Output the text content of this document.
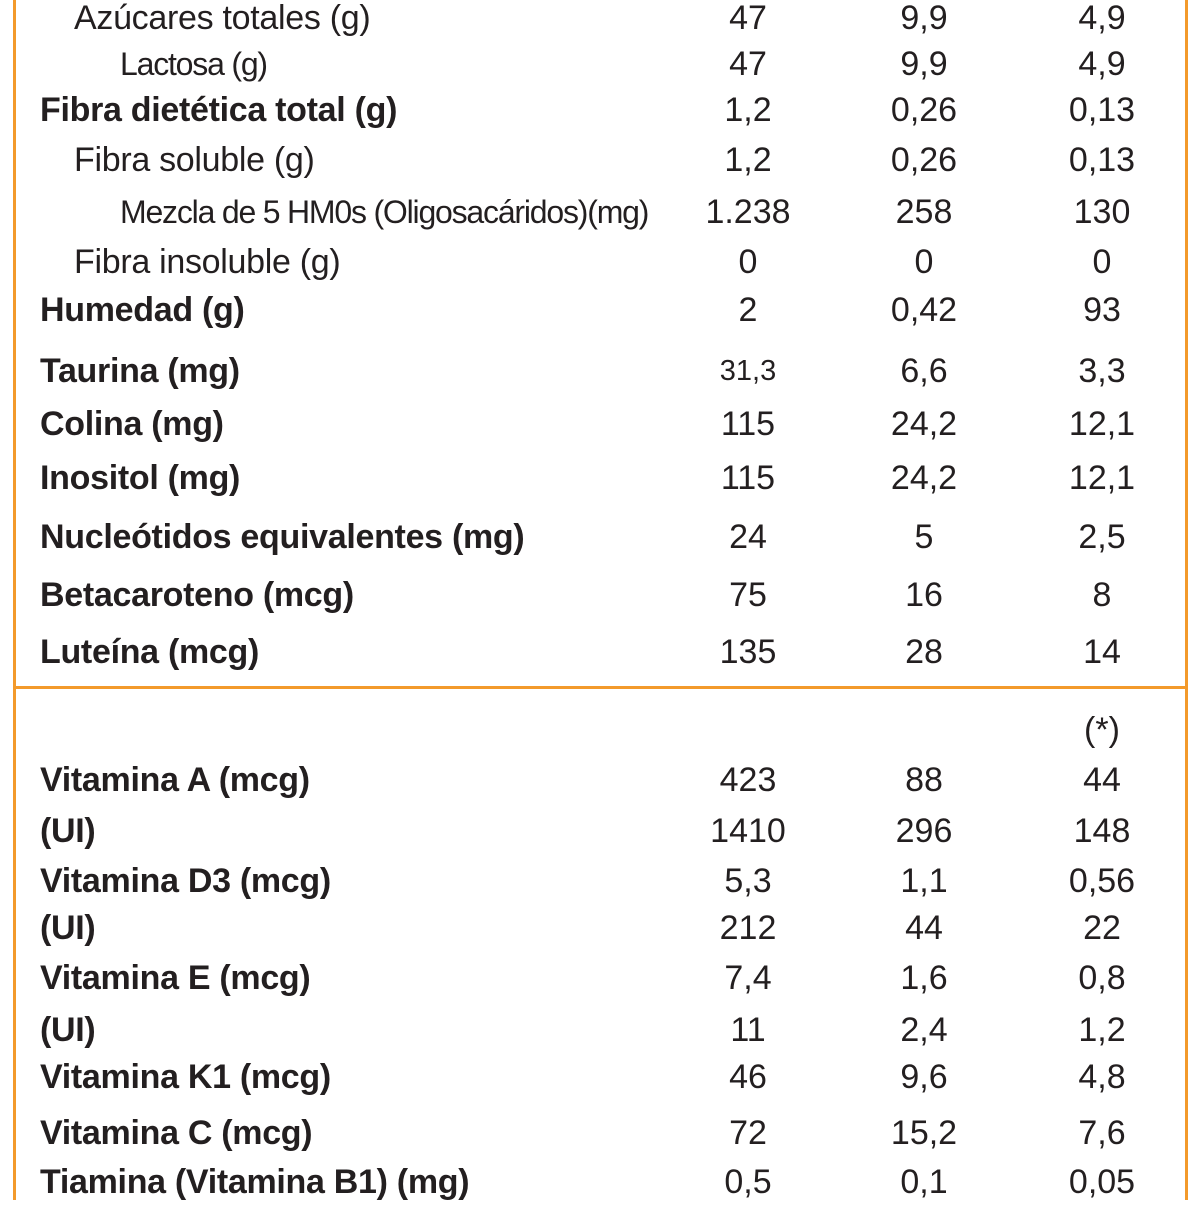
Azúcares totales (g)	47	9,9	4,9
Lactosa (g)	47	9,9	4,9
Fibra dietética total (g)	1,2	0,26	0,13
Fibra soluble (g)	1,2	0,26	0,13
Mezcla de 5 HM0s (Oligosacáridos)(mg)	1.238	258	130
Fibra insoluble (g)	0	0	0
Humedad (g)	2	0,42	93
Taurina (mg)	31,3	6,6	3,3
Colina (mg)	115	24,2	12,1
Inositol (mg)	115	24,2	12,1
Nucleótidos equivalentes (mg)	24	5	2,5
Betacaroteno (mcg)	75	16	8
Luteína (mcg)	135	28	14
(*)
Vitamina A (mcg)	423	88	44
(UI)	1410	296	148
Vitamina D3 (mcg)	5,3	1,1	0,56
(UI)	212	44	22
Vitamina E (mcg)	7,4	1,6	0,8
(UI)	11	2,4	1,2
Vitamina K1 (mcg)	46	9,6	4,8
Vitamina C (mcg)	72	15,2	7,6
Tiamina (Vitamina B1) (mg)	0,5	0,1	0,05
